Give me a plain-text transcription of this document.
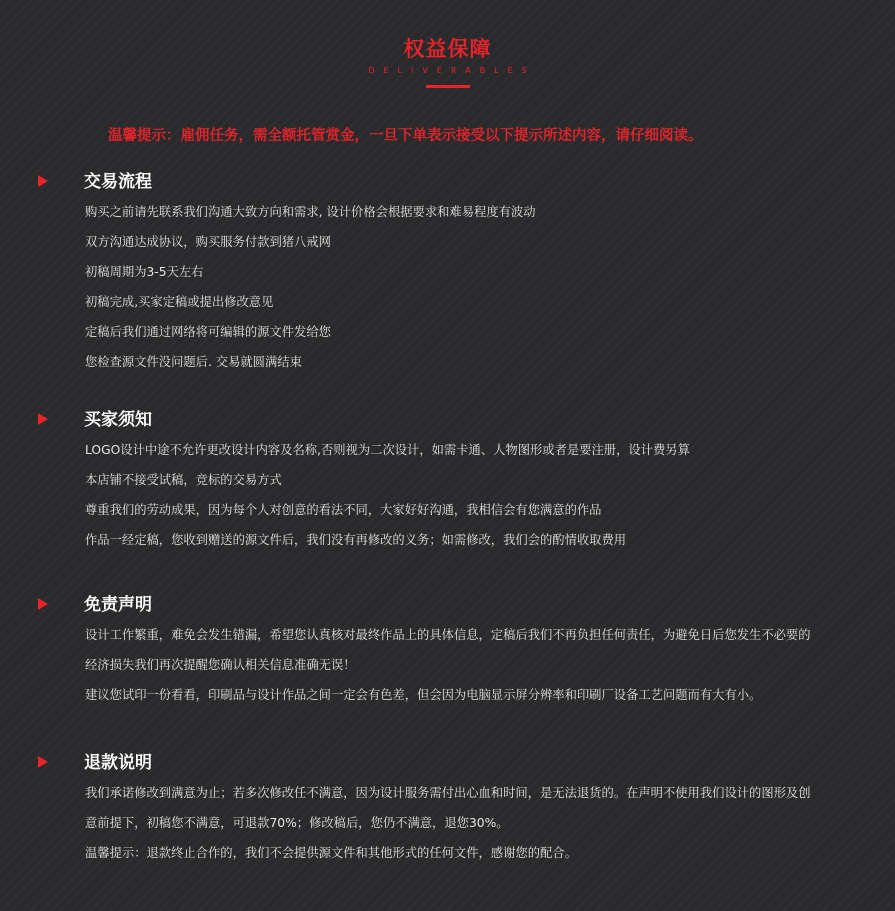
权益保障
DELIVERABLES
温馨提示：雇佣任务，需全额托管赏金，一旦下单表示接受以下提示所述内容，请仔细阅读。
交易流程
购买之前请先联系我们沟通大致方向和需求, 设计价格会根据要求和难易程度有波动
双方沟通达成协议，购买服务付款到猪八戒网
初稿周期为3-5天左右
初稿完成,买家定稿或提出修改意见
定稿后我们通过网络将可编辑的源文件发给您
您检查源文件没问题后. 交易就圆满结束
买家须知
LOGO设计中途不允许更改设计内容及名称,否则视为二次设计，如需卡通、人物图形或者是要注册，设计费另算
本店铺不接受试稿，竞标的交易方式
尊重我们的劳动成果，因为每个人对创意的看法不同，大家好好沟通，我相信会有您满意的作品
作品一经定稿，您收到赠送的源文件后，我们没有再修改的义务；如需修改，我们会的酌情收取费用
免责声明
设计工作繁重，难免会发生错漏，希望您认真核对最终作品上的具体信息，定稿后我们不再负担任何责任，为避免日后您发生不必要的
经济损失我们再次提醒您确认相关信息准确无误！
建议您试印一份看看，印刷品与设计作品之间一定会有色差，但会因为电脑显示屏分辨率和印刷厂设备工艺问题而有大有小。
退款说明
我们承诺修改到满意为止；若多次修改任不满意，因为设计服务需付出心血和时间，是无法退货的。在声明不使用我们设计的图形及创
意前提下，初稿您不满意，可退款70%；修改稿后，您仍不满意，退您30%。
温馨提示：退款终止合作的，我们不会提供源文件和其他形式的任何文件，感谢您的配合。
